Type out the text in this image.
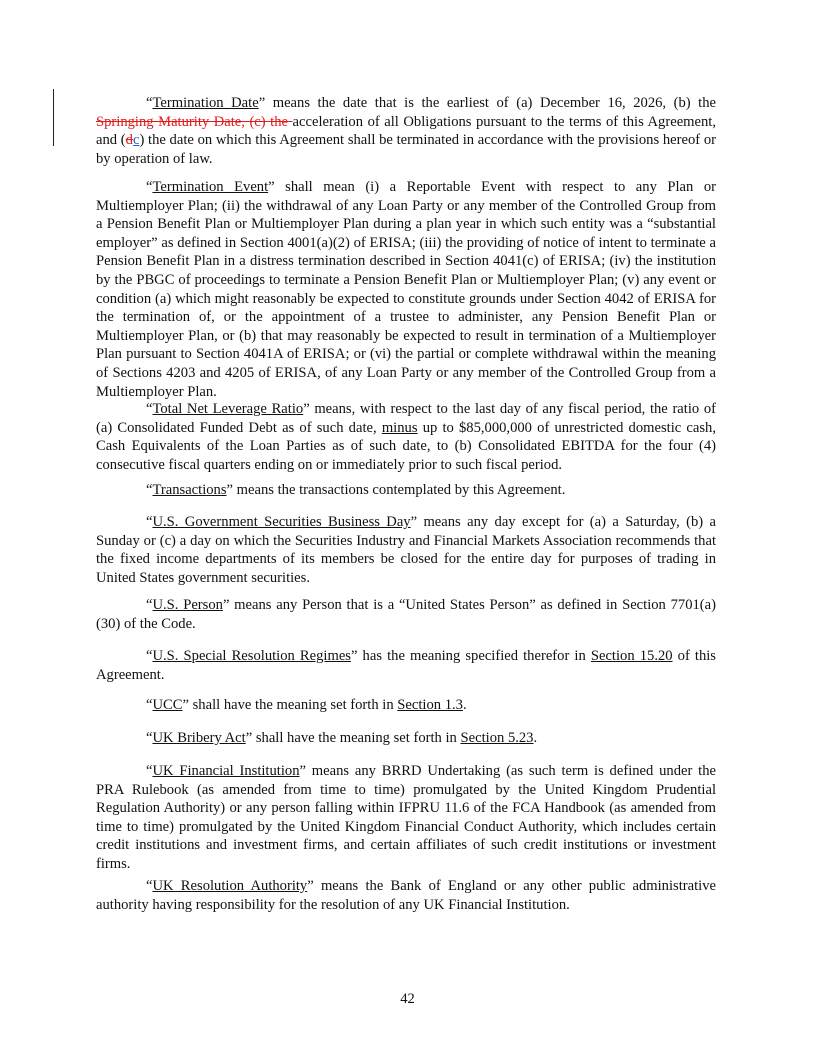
“Termination Date” means the date that is the earliest of (a) December 16, 2026, (b) the Springing Maturity Date, (c) the acceleration of all Obligations pursuant to the terms of this Agreement, and (dc) the date on which this Agreement shall be terminated in accordance with the provisions hereof or by operation of law.

“Termination Event” shall mean (i) a Reportable Event with respect to any Plan or Multiemployer Plan; (ii) the withdrawal of any Loan Party or any member of the Controlled Group from a Pension Benefit Plan or Multiemployer Plan during a plan year in which such entity was a “substantial employer” as defined in Section 4001(a)(2) of ERISA; (iii) the providing of notice of intent to terminate a Pension Benefit Plan in a distress termination described in Section 4041(c) of ERISA; (iv) the institution by the PBGC of proceedings to terminate a Pension Benefit Plan or Multiemployer Plan; (v) any event or condition (a) which might reasonably be expected to constitute grounds under Section 4042 of ERISA for the termination of, or the appointment of a trustee to administer, any Pension Benefit Plan or Multiemployer Plan, or (b) that may reasonably be expected to result in termination of a Multiemployer Plan pursuant to Section 4041A of ERISA; or (vi) the partial or complete withdrawal within the meaning of Sections 4203 and 4205 of ERISA, of any Loan Party or any member of the Controlled Group from a Multiemployer Plan.

“Total Net Leverage Ratio” means, with respect to the last day of any fiscal period, the ratio of (a) Consolidated Funded Debt as of such date, minus up to $85,000,000 of unrestricted domestic cash, Cash Equivalents of the Loan Parties as of such date, to (b) Consolidated EBITDA for the four (4) consecutive fiscal quarters ending on or immediately prior to such fiscal period.

“Transactions” means the transactions contemplated by this Agreement.

“U.S. Government Securities Business Day” means any day except for (a) a Saturday, (b) a Sunday or (c) a day on which the Securities Industry and Financial Markets Association recommends that the fixed income departments of its members be closed for the entire day for purposes of trading in United States government securities.

“U.S. Person” means any Person that is a “United States Person” as defined in Section 7701(a)(30) of the Code.

“U.S. Special Resolution Regimes” has the meaning specified therefor in Section 15.20 of this Agreement.

“UCC” shall have the meaning set forth in Section 1.3.

“UK Bribery Act” shall have the meaning set forth in Section 5.23.

“UK Financial Institution” means any BRRD Undertaking (as such term is defined under the PRA Rulebook (as amended from time to time) promulgated by the United Kingdom Prudential Regulation Authority) or any person falling within IFPRU 11.6 of the FCA Handbook (as amended from time to time) promulgated by the United Kingdom Financial Conduct Authority, which includes certain credit institutions and investment firms, and certain affiliates of such credit institutions or investment firms.

“UK Resolution Authority” means the Bank of England or any other public administrative authority having responsibility for the resolution of any UK Financial Institution.

42
